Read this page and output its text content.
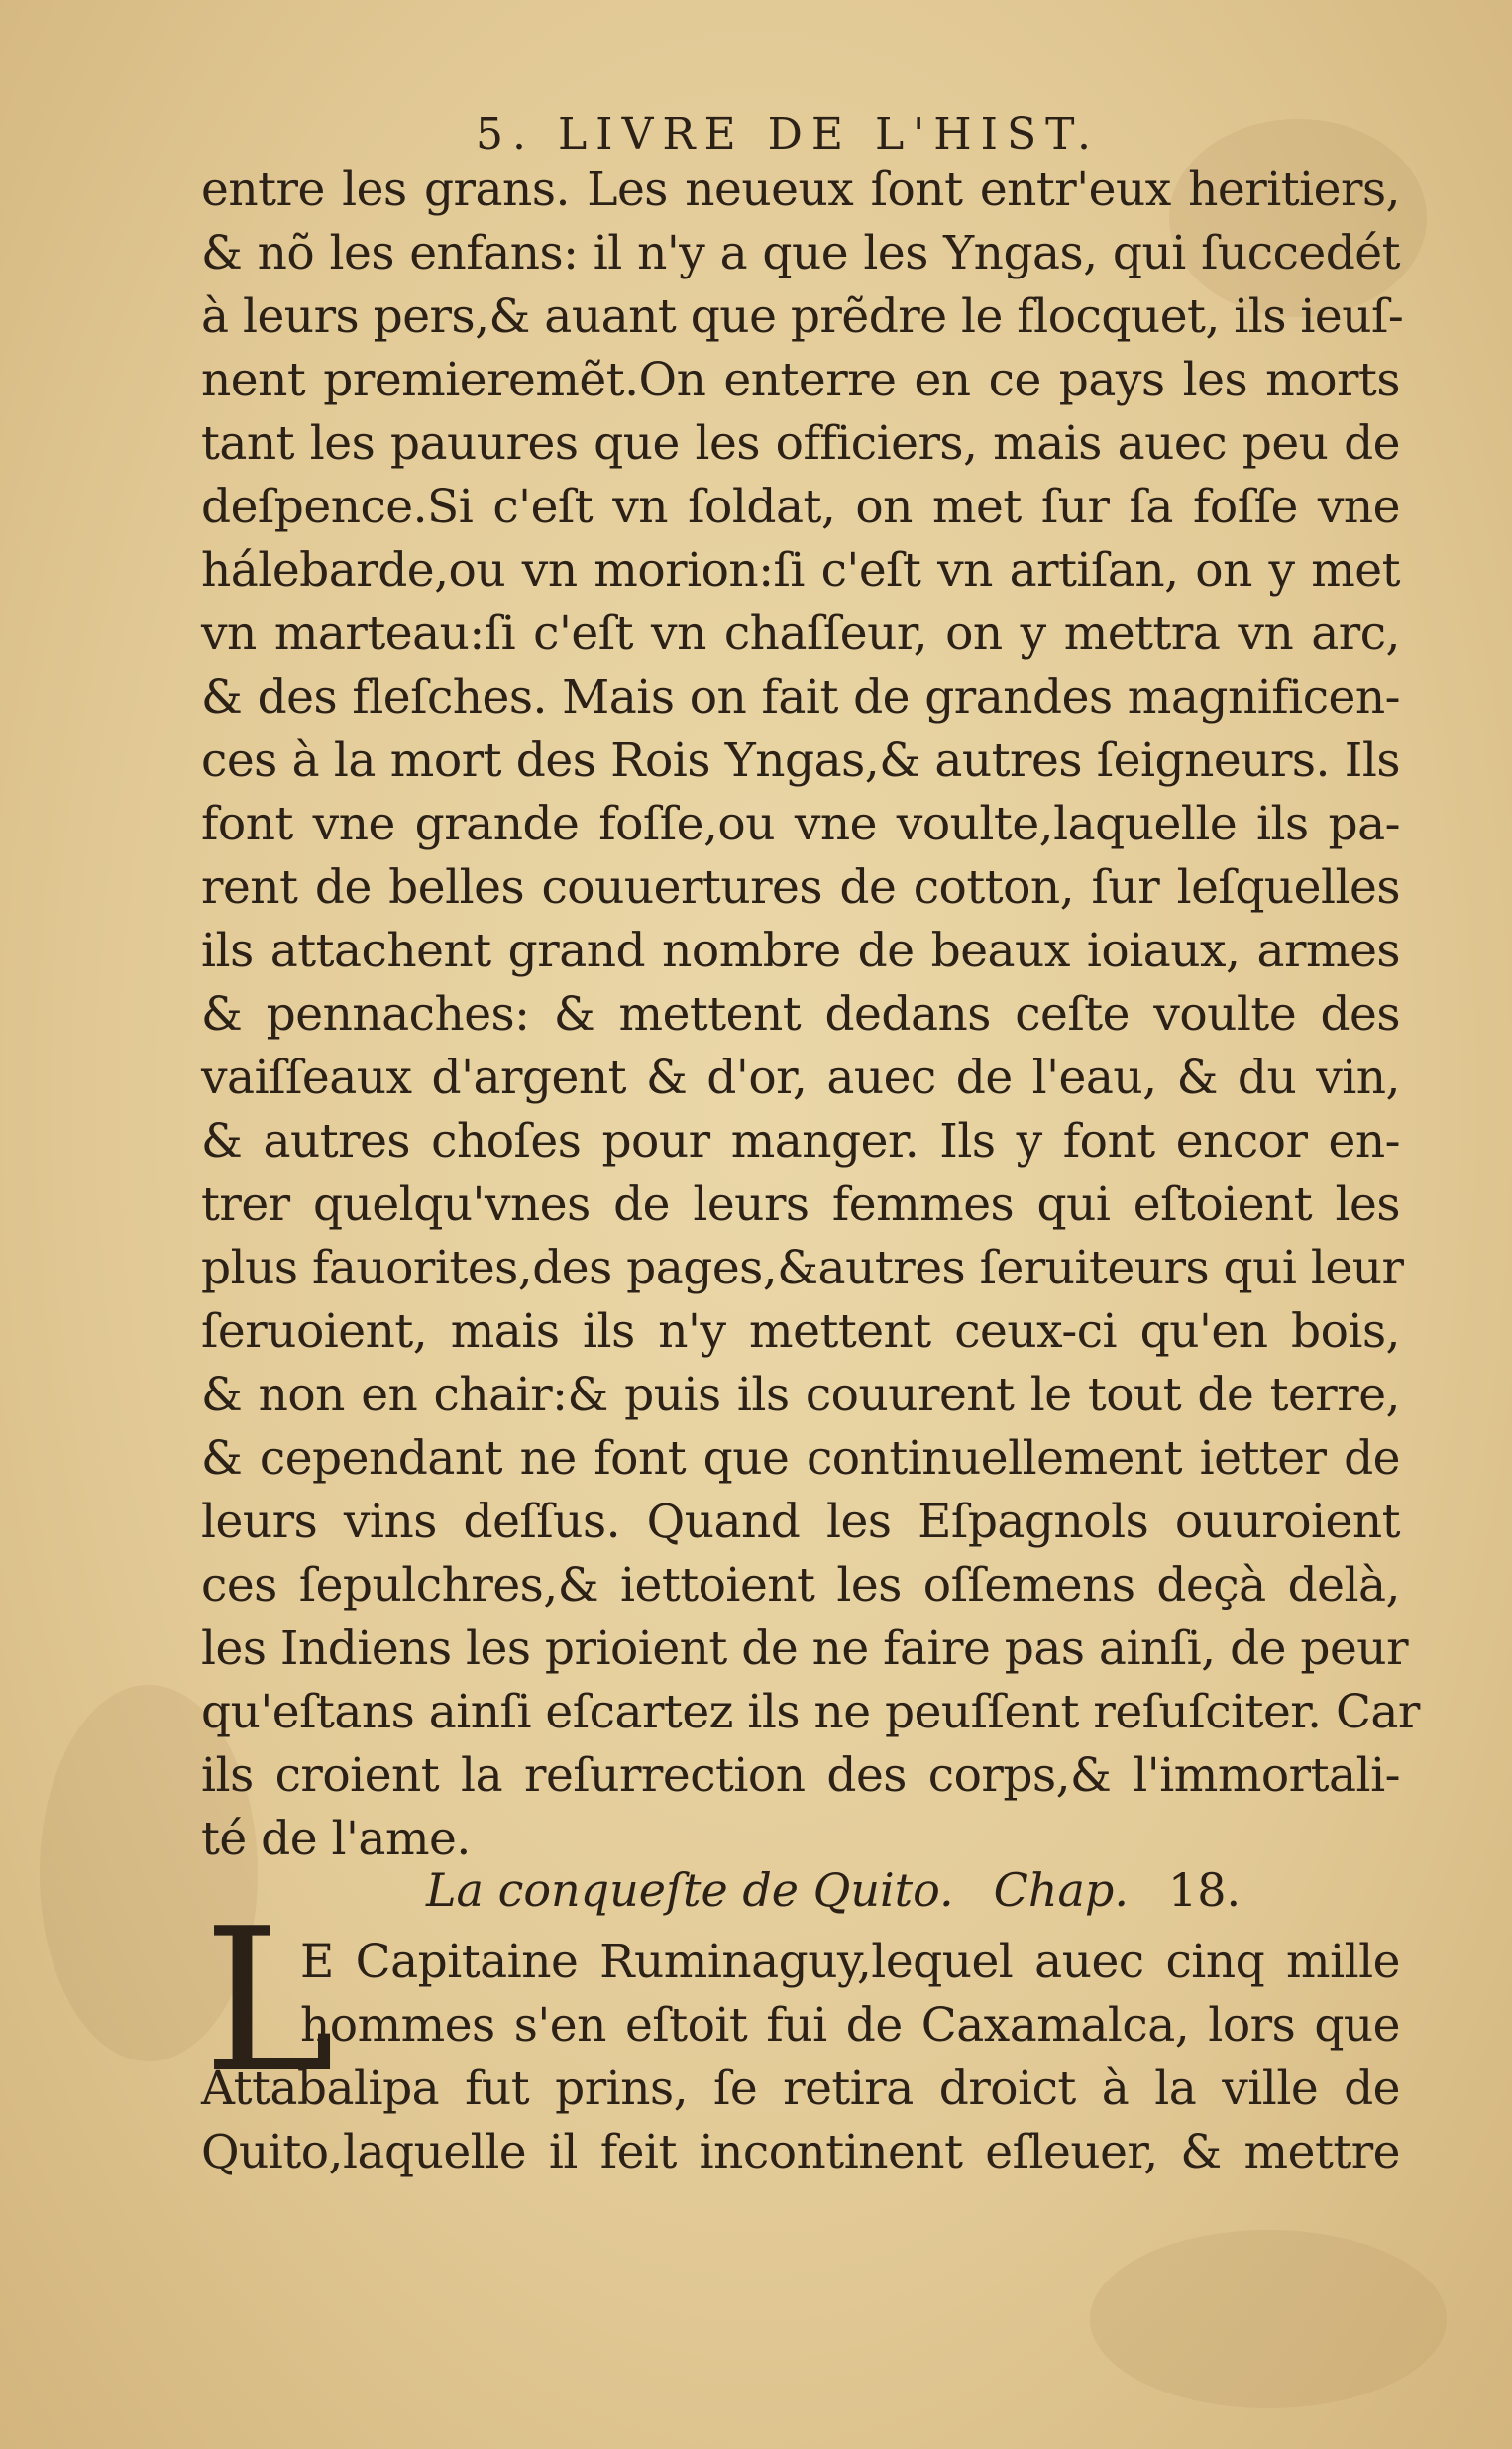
5. LIVRE DE L'HIST.
entre les grans. Les neueux ſont entr'eux heritiers,
& nõ les enfans: il n'y a que les Yngas, qui ſuccedét
à leurs pers,& auant que prẽdre le flocquet, ils ieuſ-
nent premieremẽt.On enterre en ce pays les morts
tant les pauures que les officiers, mais auec peu de
deſpence.Si c'eſt vn ſoldat, on met ſur ſa foſſe vne
hálebarde,ou vn morion:ſi c'eſt vn artiſan, on y met
vn marteau:ſi c'eſt vn chaſſeur, on y mettra vn arc,
& des fleſches. Mais on fait de grandes magnificen-
ces à la mort des Rois Yngas,& autres ſeigneurs. Ils
font vne grande foſſe,ou vne voulte,laquelle ils pa-
rent de belles couuertures de cotton, ſur leſquelles
ils attachent grand nombre de beaux ioiaux, armes
& pennaches: & mettent dedans ceſte voulte des
vaiſſeaux d'argent & d'or, auec de l'eau, & du vin,
& autres choſes pour manger. Ils y font encor en-
trer quelqu'vnes de leurs femmes qui eſtoient les
plus fauorites,des pages,&autres ſeruiteurs qui leur
ſeruoient, mais ils n'y mettent ceux-ci qu'en bois,
& non en chair:& puis ils couurent le tout de terre,
& cependant ne font que continuellement ietter de
leurs vins deſſus. Quand les Eſpagnols ouuroient
ces ſepulchres,& iettoient les oſſemens deçà delà,
les Indiens les prioient de ne faire pas ainſi, de peur
qu'eſtans ainſi eſcartez ils ne peuſſent reſuſciter. Car
ils croient la reſurrection des corps,& l'immortali-
té de l'ame.
La conqueſte de Quito. Chap. 18.
L
E Capitaine Ruminaguy,lequel auec cinq mille
hommes s'en eſtoit fui de Caxamalca, lors que
Attabalipa fut prins, ſe retira droict à la ville de
Quito,laquelle il feit incontinent eſleuer, & mettre
